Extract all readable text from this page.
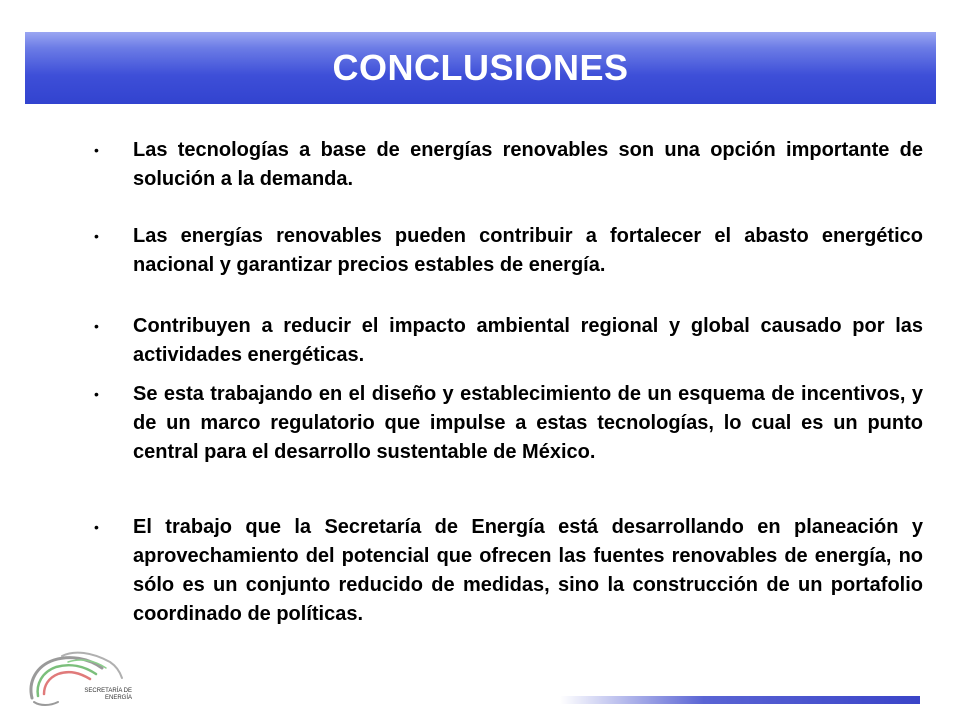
CONCLUSIONES
•	Las tecnologías a base de energías renovables son una opción importante de solución a la demanda.
•	Las energías renovables pueden contribuir a fortalecer el abasto energético nacional y garantizar precios estables de energía.
•	Contribuyen a reducir el impacto ambiental regional y global causado por las actividades energéticas.
•	Se esta trabajando en el diseño y establecimiento de un esquema de incentivos, y de un marco regulatorio que impulse a estas tecnologías, lo cual es un punto central para el desarrollo sustentable de México.
•	El trabajo que la Secretaría de Energía está desarrollando en planeación y aprovechamiento del potencial que ofrecen las fuentes renovables de energía, no sólo es un conjunto reducido de medidas, sino la construcción de un portafolio coordinado de políticas.
SECRETARÍA DE
ENERGÍA
